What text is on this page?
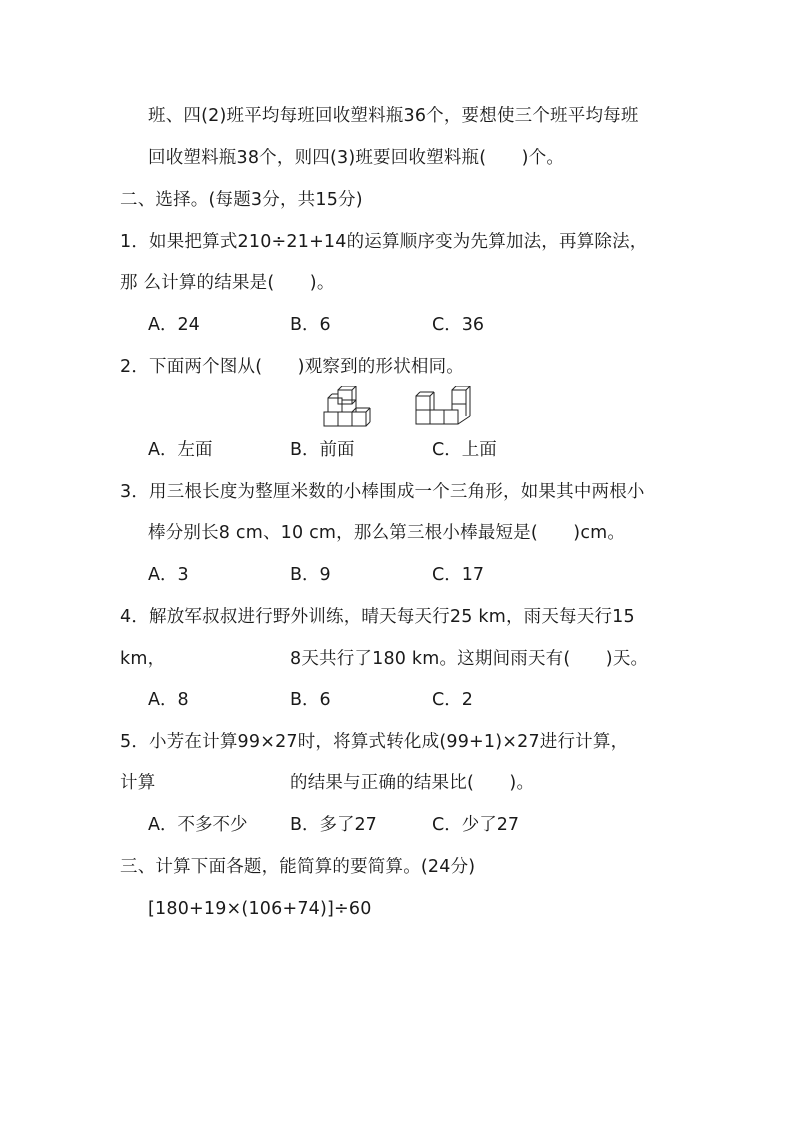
班、四(2)班平均每班回收塑料瓶36个，要想使三个班平均每班
回收塑料瓶38个，则四(3)班要回收塑料瓶(　　)个。
二、选择。(每题3分，共15分)
1．如果把算式210÷21+14的运算顺序变为先算加法，再算除法，
那 么计算的结果是(　　)。
A．24	B．6	C．36
2．下面两个图从(　　)观察到的形状相同。
A．左面	B．前面	C．上面
3．用三根长度为整厘米数的小棒围成一个三角形，如果其中两根小
棒分别长8 cm、10 cm，那么第三根小棒最短是(　　)cm。
A．3	B．9	C．17
4．解放军叔叔进行野外训练，晴天每天行25 km，雨天每天行15
km，	8天共行了180 km。这期间雨天有(　　)天。
A．8	B．6	C．2
5．小芳在计算99×27时，将算式转化成(99+1)×27进行计算，
计算	的结果与正确的结果比(　　)。
A．不多不少 B．多了27	C．少了27
三、计算下面各题，能简算的要简算。(24分)
[180+19×(106+74)]÷60
